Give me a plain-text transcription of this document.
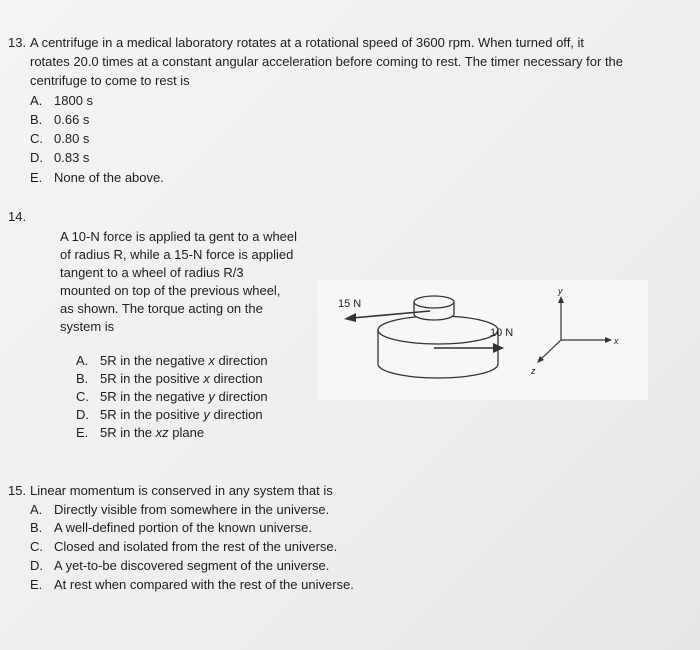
13. A centrifuge in a medical laboratory rotates at a rotational speed of 3600 rpm. When turned off, it
rotates 20.0 times at a constant angular acceleration before coming to rest. The timer necessary for the
centrifuge to come to rest is
A. 1800 s
B. 0.66 s
C. 0.80 s
D. 0.83 s
E. None of the above.
14.
A 10-N force is applied ta gent to a wheel
of radius R, while a 15-N force is applied
tangent to a wheel of radius R/3
mounted on top of the previous wheel,
as shown. The torque acting on the
system is
A. 5R in the negative x direction
B. 5R in the positive x direction
C. 5R in the negative y direction
D. 5R in the positive y direction
E. 5R in the xz plane
15 N
10 N
y
x
z
15. Linear momentum is conserved in any system that is
A. Directly visible from somewhere in the universe.
B. A well-defined portion of the known universe.
C. Closed and isolated from the rest of the universe.
D. A yet-to-be discovered segment of the universe.
E. At rest when compared with the rest of the universe.
